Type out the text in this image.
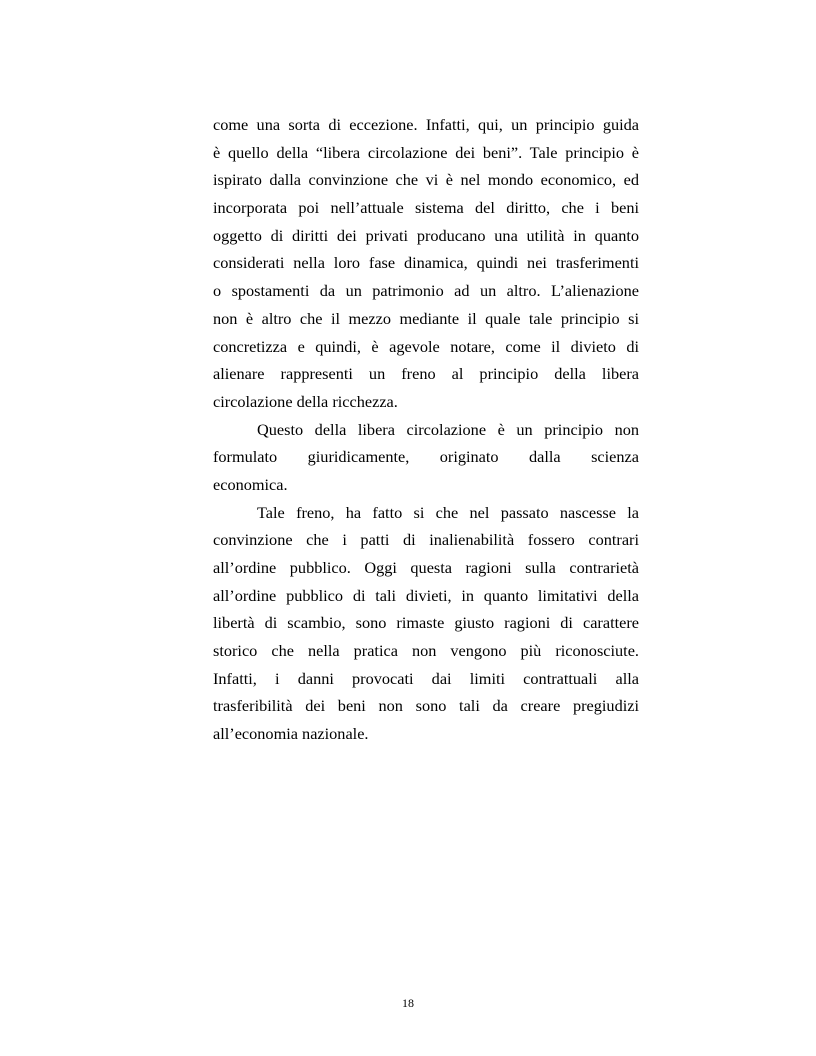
come una sorta di eccezione. Infatti, qui, un principio guida
è quello della “libera circolazione dei beni”. Tale principio è
ispirato dalla convinzione che vi è nel mondo economico, ed
incorporata poi nell’attuale sistema del diritto, che i beni
oggetto di diritti dei privati producano una utilità in quanto
considerati nella loro fase dinamica, quindi nei trasferimenti
o spostamenti da un patrimonio ad un altro. L’alienazione
non è altro che il mezzo mediante il quale tale principio si
concretizza e quindi, è agevole notare, come il divieto di
alienare rappresenti un freno al principio della libera
circolazione della ricchezza.
Questo della libera circolazione è un principio non
formulato giuridicamente, originato dalla scienza
economica.
Tale freno, ha fatto si che nel passato nascesse la
convinzione che i patti di inalienabilità fossero contrari
all’ordine pubblico. Oggi questa ragioni sulla contrarietà
all’ordine pubblico di tali divieti, in quanto limitativi della
libertà di scambio, sono rimaste giusto ragioni di carattere
storico che nella pratica non vengono più riconosciute.
Infatti, i danni provocati dai limiti contrattuali alla
trasferibilità dei beni non sono tali da creare pregiudizi
all’economia nazionale.
18
